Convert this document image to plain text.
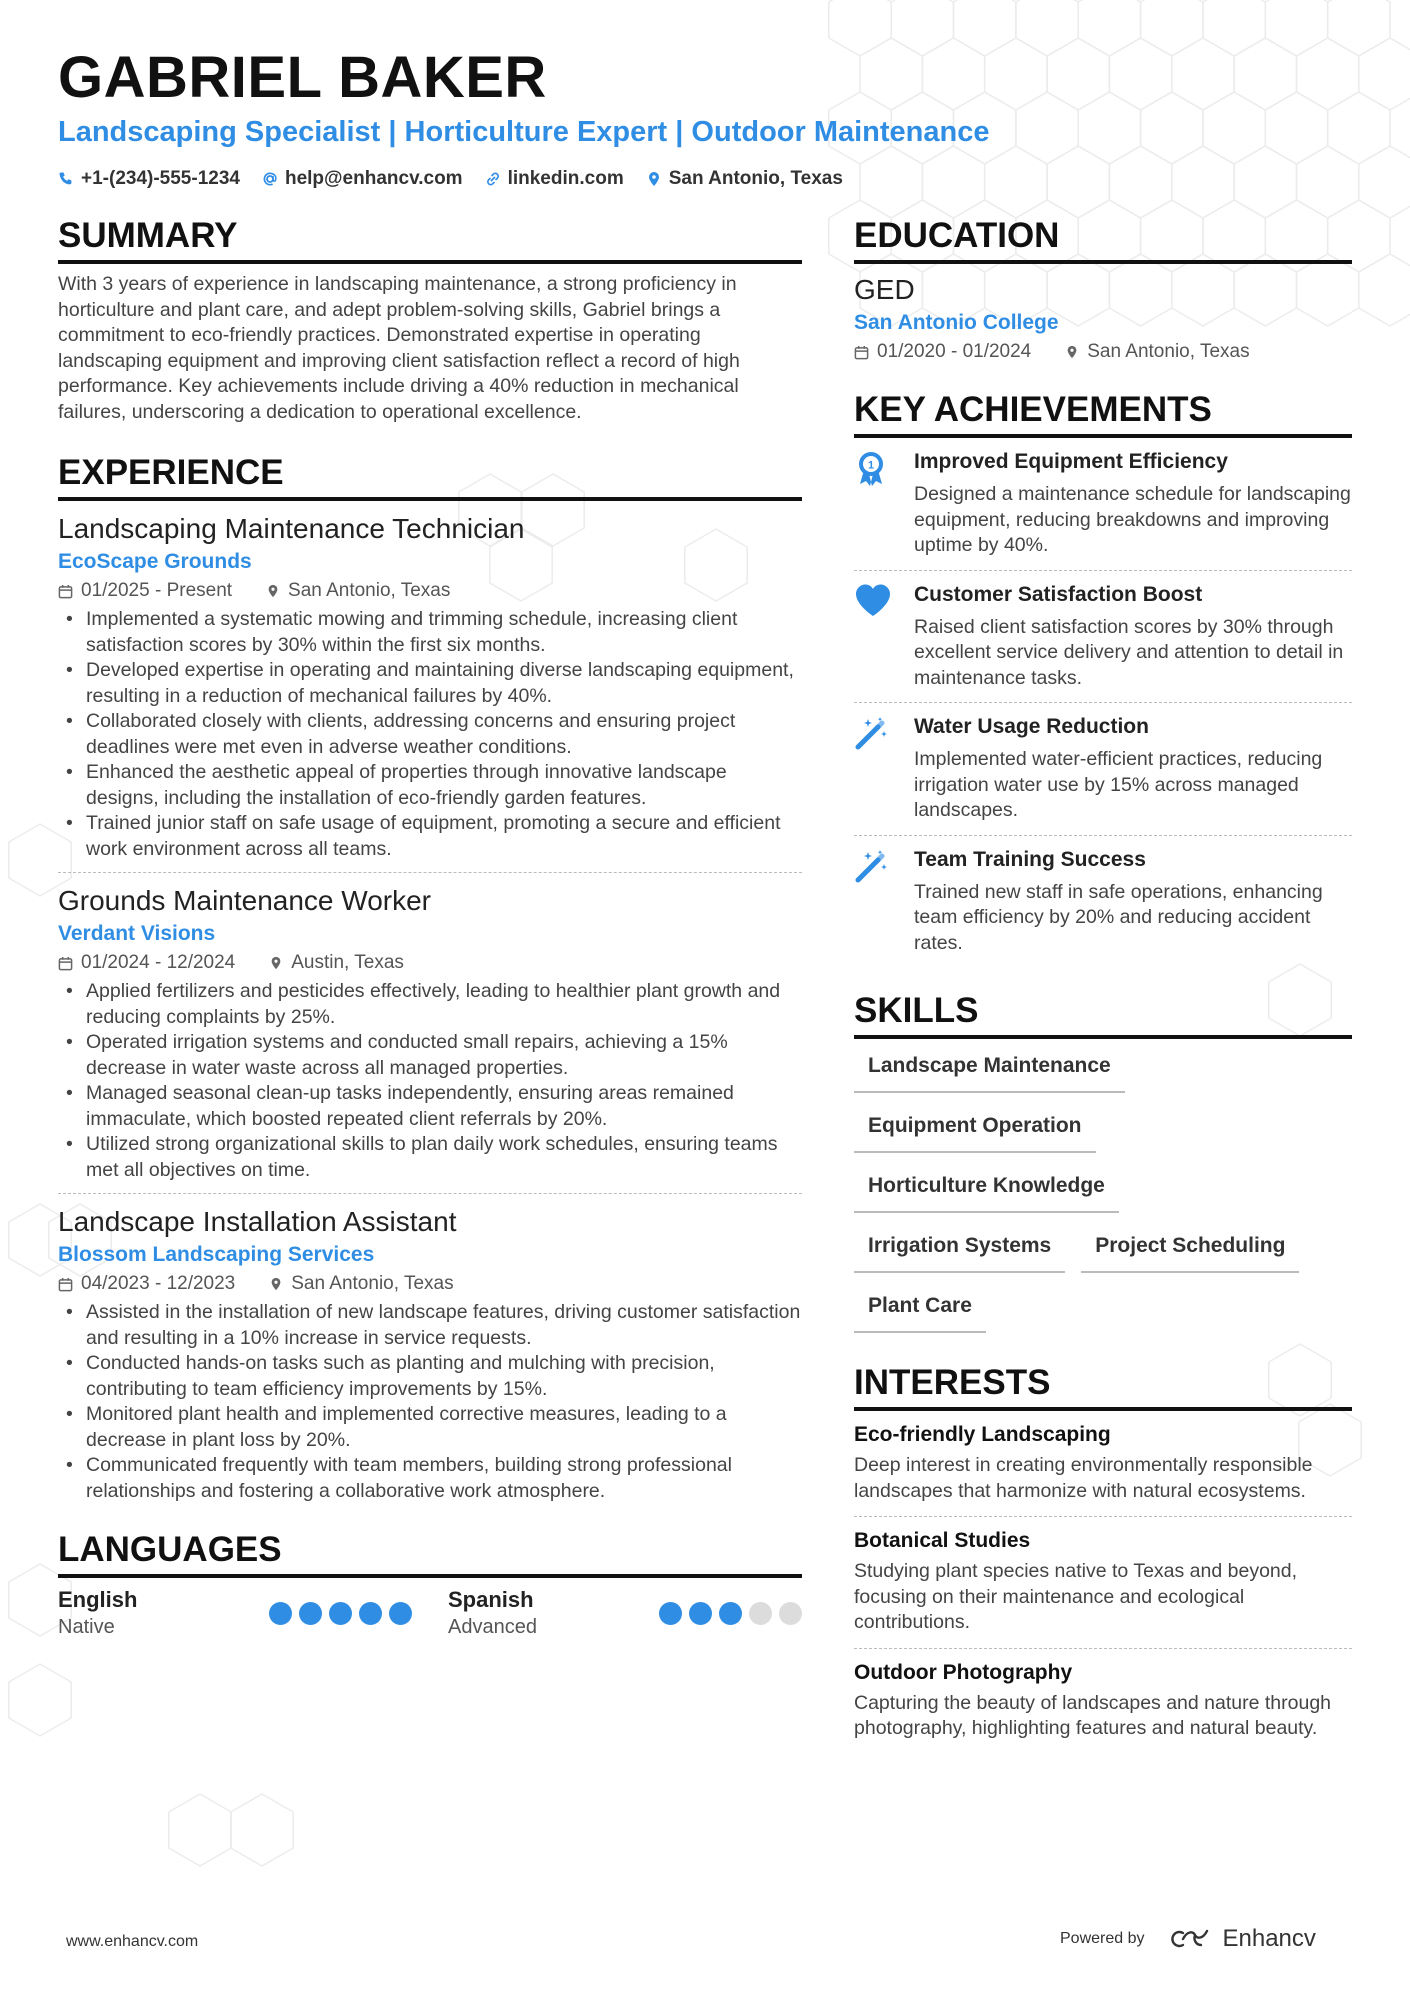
GABRIEL BAKER
Landscaping Specialist | Horticulture Expert | Outdoor Maintenance
+1-(234)-555-1234 help@enhancv.com linkedin.com San Antonio, Texas
SUMMARY

With 3 years of experience in landscaping maintenance, a strong proficiency in horticulture and plant care, and adept problem-solving skills, Gabriel brings a commitment to eco-friendly practices. Demonstrated expertise in operating landscaping equipment and improving client satisfaction reflect a record of high performance. Key achievements include driving a 40% reduction in mechanical failures, underscoring a dedication to operational excellence.

EXPERIENCE
Landscaping Maintenance Technician
EcoScape Grounds
01/2025 - Present	San Antonio, Texas
• Implemented a systematic mowing and trimming schedule, increasing client satisfaction scores by 30% within the first six months.
• Developed expertise in operating and maintaining diverse landscaping equipment, resulting in a reduction of mechanical failures by 40%.
• Collaborated closely with clients, addressing concerns and ensuring project deadlines were met even in adverse weather conditions.
• Enhanced the aesthetic appeal of properties through innovative landscape designs, including the installation of eco-friendly garden features.
• Trained junior staff on safe usage of equipment, promoting a secure and efficient work environment across all teams.
Grounds Maintenance Worker
Verdant Visions
01/2024 - 12/2024	Austin, Texas
• Applied fertilizers and pesticides effectively, leading to healthier plant growth and reducing complaints by 25%.
• Operated irrigation systems and conducted small repairs, achieving a 15% decrease in water waste across all managed properties.
• Managed seasonal clean-up tasks independently, ensuring areas remained immaculate, which boosted repeated client referrals by 20%.
• Utilized strong organizational skills to plan daily work schedules, ensuring teams met all objectives on time.
Landscape Installation Assistant
Blossom Landscaping Services
04/2023 - 12/2023	San Antonio, Texas
• Assisted in the installation of new landscape features, driving customer satisfaction and resulting in a 10% increase in service requests.
• Conducted hands-on tasks such as planting and mulching with precision, contributing to team efficiency improvements by 15%.
• Monitored plant health and implemented corrective measures, leading to a decrease in plant loss by 20%.
• Communicated frequently with team members, building strong professional relationships and fostering a collaborative work atmosphere.
LANGUAGES
English
Native
Spanish
Advanced
EDUCATION
GED
San Antonio College
01/2020 - 01/2024	San Antonio, Texas
KEY ACHIEVEMENTS
1 Improved Equipment Efficiency
Designed a maintenance schedule for landscaping equipment, reducing breakdowns and improving uptime by 40%.
Customer Satisfaction Boost
Raised client satisfaction scores by 30% through excellent service delivery and attention to detail in maintenance tasks.
Water Usage Reduction
Implemented water-efficient practices, reducing irrigation water use by 15% across managed landscapes.
Team Training Success
Trained new staff in safe operations, enhancing team efficiency by 20% and reducing accident rates.
SKILLS
Landscape Maintenance
Equipment Operation
Horticulture Knowledge
Irrigation Systems	Project Scheduling
Plant Care
INTERESTS
Eco-friendly Landscaping
Deep interest in creating environmentally responsible landscapes that harmonize with natural ecosystems.
Botanical Studies
Studying plant species native to Texas and beyond, focusing on their maintenance and ecological contributions.
Outdoor Photography
Capturing the beauty of landscapes and nature through photography, highlighting features and natural beauty.
www.enhancv.com	Powered by	Enhancv
